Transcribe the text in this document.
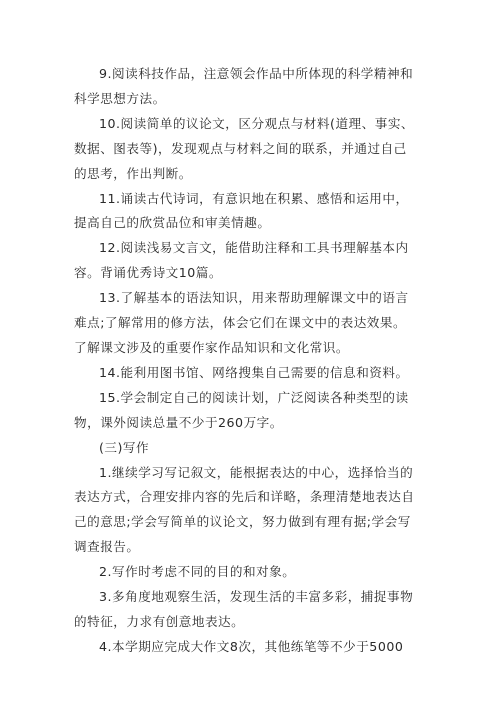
9.阅读科技作品，注意领会作品中所体现的科学精神和
科学思想方法。

10.阅读简单的议论文，区分观点与材料(道理、事实、
数据、图表等)，发现观点与材料之间的联系，并通过自己
的思考，作出判断。

11.诵读古代诗词，有意识地在积累、感悟和运用中，
提高自己的欣赏品位和审美情趣。

12.阅读浅易文言文，能借助注释和工具书理解基本内
容。背诵优秀诗文10篇。

13.了解基本的语法知识，用来帮助理解课文中的语言
难点;了解常用的修方法，体会它们在课文中的表达效果。
了解课文涉及的重要作家作品知识和文化常识。

14.能利用图书馆、网络搜集自己需要的信息和资料。

15.学会制定自己的阅读计划，广泛阅读各种类型的读
物，课外阅读总量不少于260万字。

(三)写作

1.继续学习写记叙文，能根据表达的中心，选择恰当的
表达方式，合理安排内容的先后和详略，条理清楚地表达自
己的意思;学会写简单的议论文，努力做到有理有据;学会写
调查报告。

2.写作时考虑不同的目的和对象。

3.多角度地观察生活，发现生活的丰富多彩，捕捉事物
的特征，力求有创意地表达。

4.本学期应完成大作文8次，其他练笔等不少于5000
